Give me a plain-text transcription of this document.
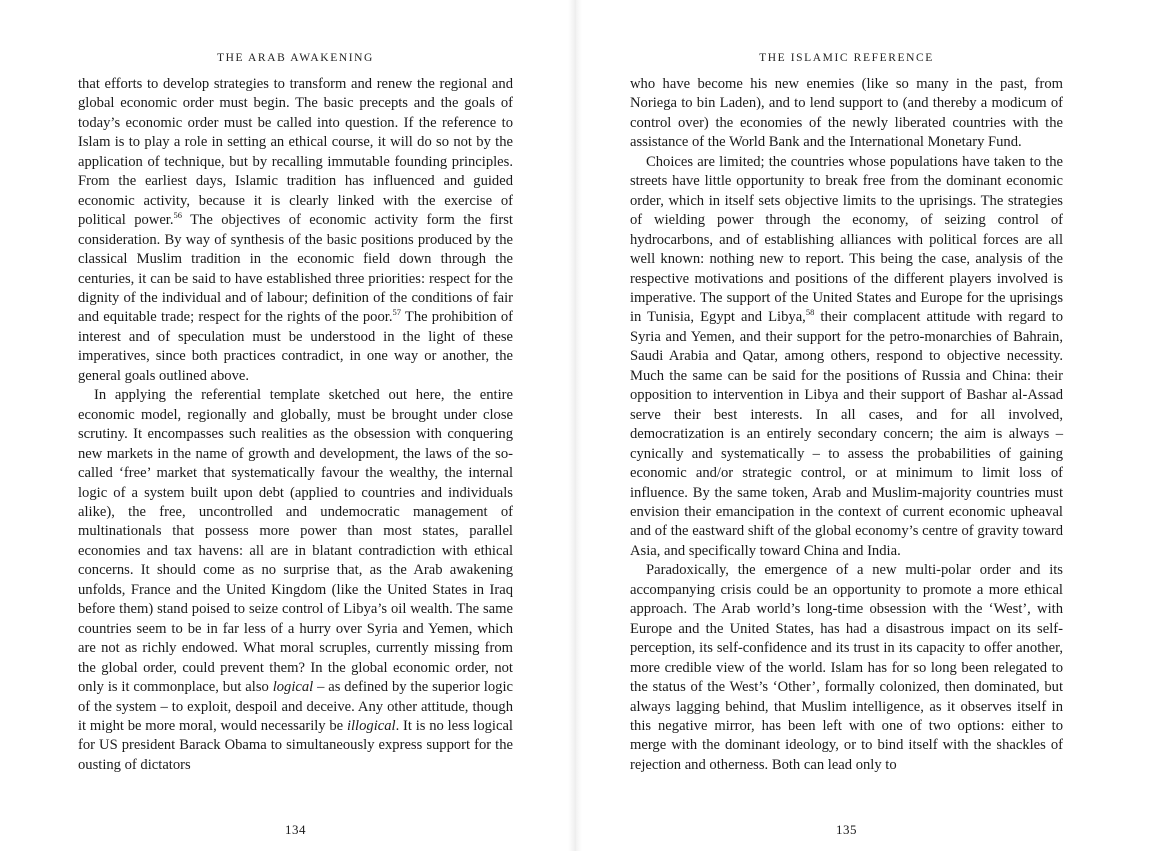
THE ARAB AWAKENING

that efforts to develop strategies to transform and renew the regional and global economic order must begin. The basic precepts and the goals of today’s economic order must be called into question. If the reference to Islam is to play a role in setting an ethical course, it will do so not by the application of technique, but by recalling immutable founding principles. From the earliest days, Islamic tradition has influenced and guided economic activity, because it is clearly linked with the exercise of political power.$^{56}$ The objectives of economic activity form the first consideration. By way of synthesis of the basic positions produced by the classical Muslim tradition in the economic field down through the centuries, it can be said to have established three priorities: respect for the dignity of the individual and of labour; definition of the conditions of fair and equitable trade; respect for the rights of the poor.$^{57}$ The prohibition of interest and of speculation must be understood in the light of these imperatives, since both practices contradict, in one way or another, the general goals outlined above.

In applying the referential template sketched out here, the entire economic model, regionally and globally, must be brought under close scrutiny. It encompasses such realities as the obsession with conquering new markets in the name of growth and development, the laws of the so-called ‘free’ market that systematically favour the wealthy, the internal logic of a system built upon debt (applied to countries and individuals alike), the free, uncontrolled and undemocratic management of multinationals that possess more power than most states, parallel economies and tax havens: all are in blatant contradiction with ethical concerns. It should come as no surprise that, as the Arab awakening unfolds, France and the United Kingdom (like the United States in Iraq before them) stand poised to seize control of Libya’s oil wealth. The same countries seem to be in far less of a hurry over Syria and Yemen, which are not as richly endowed. What moral scruples, currently missing from the global order, could prevent them? In the global economic order, not only is it commonplace, but also logical – as defined by the superior logic of the system – to exploit, despoil and deceive. Any other attitude, though it might be more moral, would necessarily be illogical. It is no less logical for US president Barack Obama to simultaneously express support for the ousting of dictators

134
THE ISLAMIC REFERENCE

who have become his new enemies (like so many in the past, from Noriega to bin Laden), and to lend support to (and thereby a modicum of control over) the economies of the newly liberated countries with the assistance of the World Bank and the International Monetary Fund.

Choices are limited; the countries whose populations have taken to the streets have little opportunity to break free from the dominant economic order, which in itself sets objective limits to the uprisings. The strategies of wielding power through the economy, of seizing control of hydrocarbons, and of establishing alliances with political forces are all well known: nothing new to report. This being the case, analysis of the respective motivations and positions of the different players involved is imperative. The support of the United States and Europe for the uprisings in Tunisia, Egypt and Libya,$^{58}$ their complacent attitude with regard to Syria and Yemen, and their support for the petro-monarchies of Bahrain, Saudi Arabia and Qatar, among others, respond to objective necessity. Much the same can be said for the positions of Russia and China: their opposition to intervention in Libya and their support of Bashar al-Assad serve their best interests. In all cases, and for all involved, democratization is an entirely secondary concern; the aim is always – cynically and systematically – to assess the probabilities of gaining economic and/or strategic control, or at minimum to limit loss of influence. By the same token, Arab and Muslim-majority countries must envision their emancipation in the context of current economic upheaval and of the eastward shift of the global economy’s centre of gravity toward Asia, and specifically toward China and India.

Paradoxically, the emergence of a new multi-polar order and its accompanying crisis could be an opportunity to promote a more ethical approach. The Arab world’s long-time obsession with the ‘West’, with Europe and the United States, has had a disastrous impact on its self-perception, its self-confidence and its trust in its capacity to offer another, more credible view of the world. Islam has for so long been relegated to the status of the West’s ‘Other’, formally colonized, then dominated, but always lagging behind, that Muslim intelligence, as it observes itself in this negative mirror, has been left with one of two options: either to merge with the dominant ideology, or to bind itself with the shackles of rejection and otherness. Both can lead only to

135
